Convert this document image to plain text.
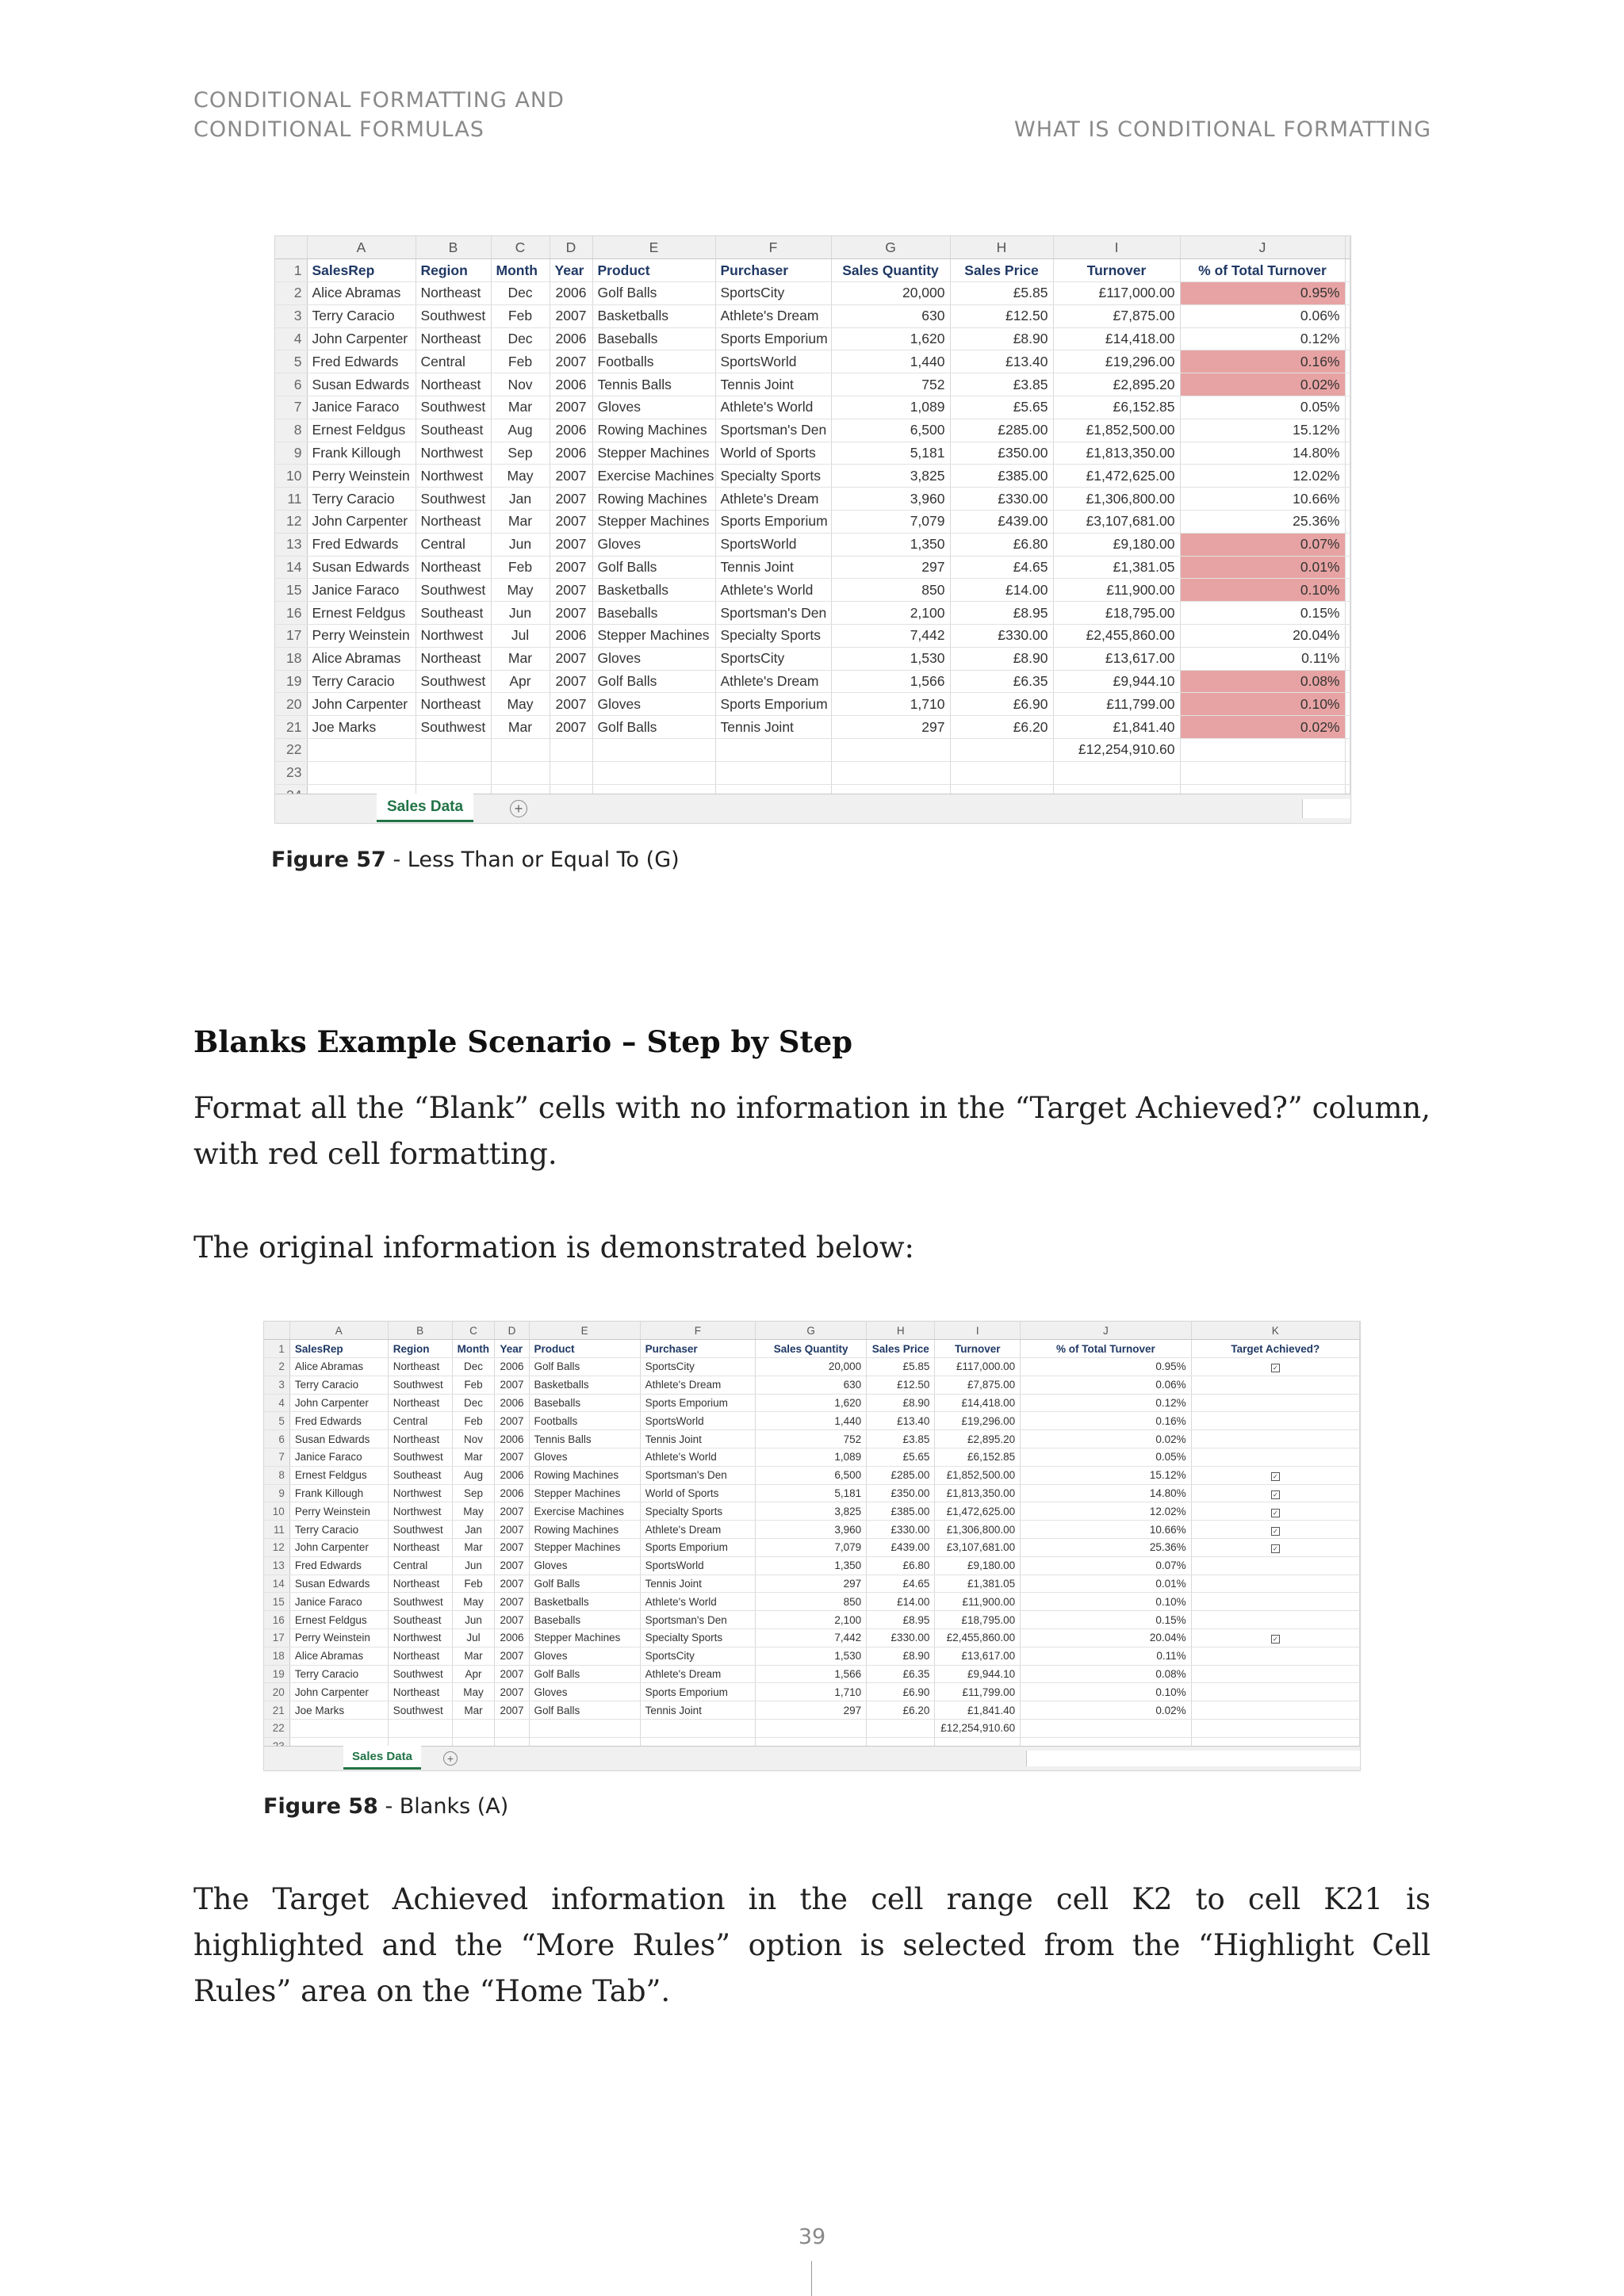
CONDITIONAL FORMATTING AND
CONDITIONAL FORMULAS	WHAT IS CONDITIONAL FORMATTING
	A	B	C	D	E	F	G	H	I	J	
1	SalesRep	Region	Month	Year	Product	Purchaser	Sales Quantity	Sales Price	Turnover	% of Total Turnover	
2	Alice Abramas	Northeast	Dec	2006	Golf Balls	SportsCity	20,000	£5.85	£117,000.00	0.95%	
3	Terry Caracio	Southwest	Feb	2007	Basketballs	Athlete's Dream	630	£12.50	£7,875.00	0.06%	
4	John Carpenter	Northeast	Dec	2006	Baseballs	Sports Emporium	1,620	£8.90	£14,418.00	0.12%	
5	Fred Edwards	Central	Feb	2007	Footballs	SportsWorld	1,440	£13.40	£19,296.00	0.16%	
6	Susan Edwards	Northeast	Nov	2006	Tennis Balls	Tennis Joint	752	£3.85	£2,895.20	0.02%	
7	Janice Faraco	Southwest	Mar	2007	Gloves	Athlete's World	1,089	£5.65	£6,152.85	0.05%	
8	Ernest Feldgus	Southeast	Aug	2006	Rowing Machines	Sportsman's Den	6,500	£285.00	£1,852,500.00	15.12%	
9	Frank Killough	Northwest	Sep	2006	Stepper Machines	World of Sports	5,181	£350.00	£1,813,350.00	14.80%	
10	Perry Weinstein	Northwest	May	2007	Exercise Machines	Specialty Sports	3,825	£385.00	£1,472,625.00	12.02%	
11	Terry Caracio	Southwest	Jan	2007	Rowing Machines	Athlete's Dream	3,960	£330.00	£1,306,800.00	10.66%	
12	John Carpenter	Northeast	Mar	2007	Stepper Machines	Sports Emporium	7,079	£439.00	£3,107,681.00	25.36%	
13	Fred Edwards	Central	Jun	2007	Gloves	SportsWorld	1,350	£6.80	£9,180.00	0.07%	
14	Susan Edwards	Northeast	Feb	2007	Golf Balls	Tennis Joint	297	£4.65	£1,381.05	0.01%	
15	Janice Faraco	Southwest	May	2007	Basketballs	Athlete's World	850	£14.00	£11,900.00	0.10%	
16	Ernest Feldgus	Southeast	Jun	2007	Baseballs	Sportsman's Den	2,100	£8.95	£18,795.00	0.15%	
17	Perry Weinstein	Northwest	Jul	2006	Stepper Machines	Specialty Sports	7,442	£330.00	£2,455,860.00	20.04%	
18	Alice Abramas	Northeast	Mar	2007	Gloves	SportsCity	1,530	£8.90	£13,617.00	0.11%	
19	Terry Caracio	Southwest	Apr	2007	Golf Balls	Athlete's Dream	1,566	£6.35	£9,944.10	0.08%	
20	John Carpenter	Northeast	May	2007	Gloves	Sports Emporium	1,710	£6.90	£11,799.00	0.10%	
21	Joe Marks	Southwest	Mar	2007	Golf Balls	Tennis Joint	297	£6.20	£1,841.40	0.02%	
22									£12,254,910.60		
23											

Sales Data	+
Figure 57 - Less Than or Equal To (G)
Blanks Example Scenario – Step by Step
Format all the “Blank” cells with no information in the “Target Achieved?” column, with red cell formatting.
The original information is demonstrated below:
	A	B	C	D	E	F	G	H	I	J	K
1	SalesRep	Region	Month	Year	Product	Purchaser	Sales Quantity	Sales Price	Turnover	% of Total Turnover	Target Achieved?
2	Alice Abramas	Northeast	Dec	2006	Golf Balls	SportsCity	20,000	£5.85	£117,000.00	0.95%	✓
3	Terry Caracio	Southwest	Feb	2007	Basketballs	Athlete's Dream	630	£12.50	£7,875.00	0.06%	
4	John Carpenter	Northeast	Dec	2006	Baseballs	Sports Emporium	1,620	£8.90	£14,418.00	0.12%	
5	Fred Edwards	Central	Feb	2007	Footballs	SportsWorld	1,440	£13.40	£19,296.00	0.16%	
6	Susan Edwards	Northeast	Nov	2006	Tennis Balls	Tennis Joint	752	£3.85	£2,895.20	0.02%	
7	Janice Faraco	Southwest	Mar	2007	Gloves	Athlete's World	1,089	£5.65	£6,152.85	0.05%	
8	Ernest Feldgus	Southeast	Aug	2006	Rowing Machines	Sportsman's Den	6,500	£285.00	£1,852,500.00	15.12%	✓
9	Frank Killough	Northwest	Sep	2006	Stepper Machines	World of Sports	5,181	£350.00	£1,813,350.00	14.80%	✓
10	Perry Weinstein	Northwest	May	2007	Exercise Machines	Specialty Sports	3,825	£385.00	£1,472,625.00	12.02%	✓
11	Terry Caracio	Southwest	Jan	2007	Rowing Machines	Athlete's Dream	3,960	£330.00	£1,306,800.00	10.66%	✓
12	John Carpenter	Northeast	Mar	2007	Stepper Machines	Sports Emporium	7,079	£439.00	£3,107,681.00	25.36%	✓
13	Fred Edwards	Central	Jun	2007	Gloves	SportsWorld	1,350	£6.80	£9,180.00	0.07%	
14	Susan Edwards	Northeast	Feb	2007	Golf Balls	Tennis Joint	297	£4.65	£1,381.05	0.01%	
15	Janice Faraco	Southwest	May	2007	Basketballs	Athlete's World	850	£14.00	£11,900.00	0.10%	
16	Ernest Feldgus	Southeast	Jun	2007	Baseballs	Sportsman's Den	2,100	£8.95	£18,795.00	0.15%	
17	Perry Weinstein	Northwest	Jul	2006	Stepper Machines	Specialty Sports	7,442	£330.00	£2,455,860.00	20.04%	✓
18	Alice Abramas	Northeast	Mar	2007	Gloves	SportsCity	1,530	£8.90	£13,617.00	0.11%	
19	Terry Caracio	Southwest	Apr	2007	Golf Balls	Athlete's Dream	1,566	£6.35	£9,944.10	0.08%	
20	John Carpenter	Northeast	May	2007	Gloves	Sports Emporium	1,710	£6.90	£11,799.00	0.10%	
21	Joe Marks	Southwest	Mar	2007	Golf Balls	Tennis Joint	297	£6.20	£1,841.40	0.02%	
22									£12,254,910.60		

Sales Data	+
Figure 58 - Blanks (A)
The Target Achieved information in the cell range cell K2 to cell K21 is highlighted and the “More Rules” option is selected from the “Highlight Cell Rules” area on the “Home Tab”.
39
